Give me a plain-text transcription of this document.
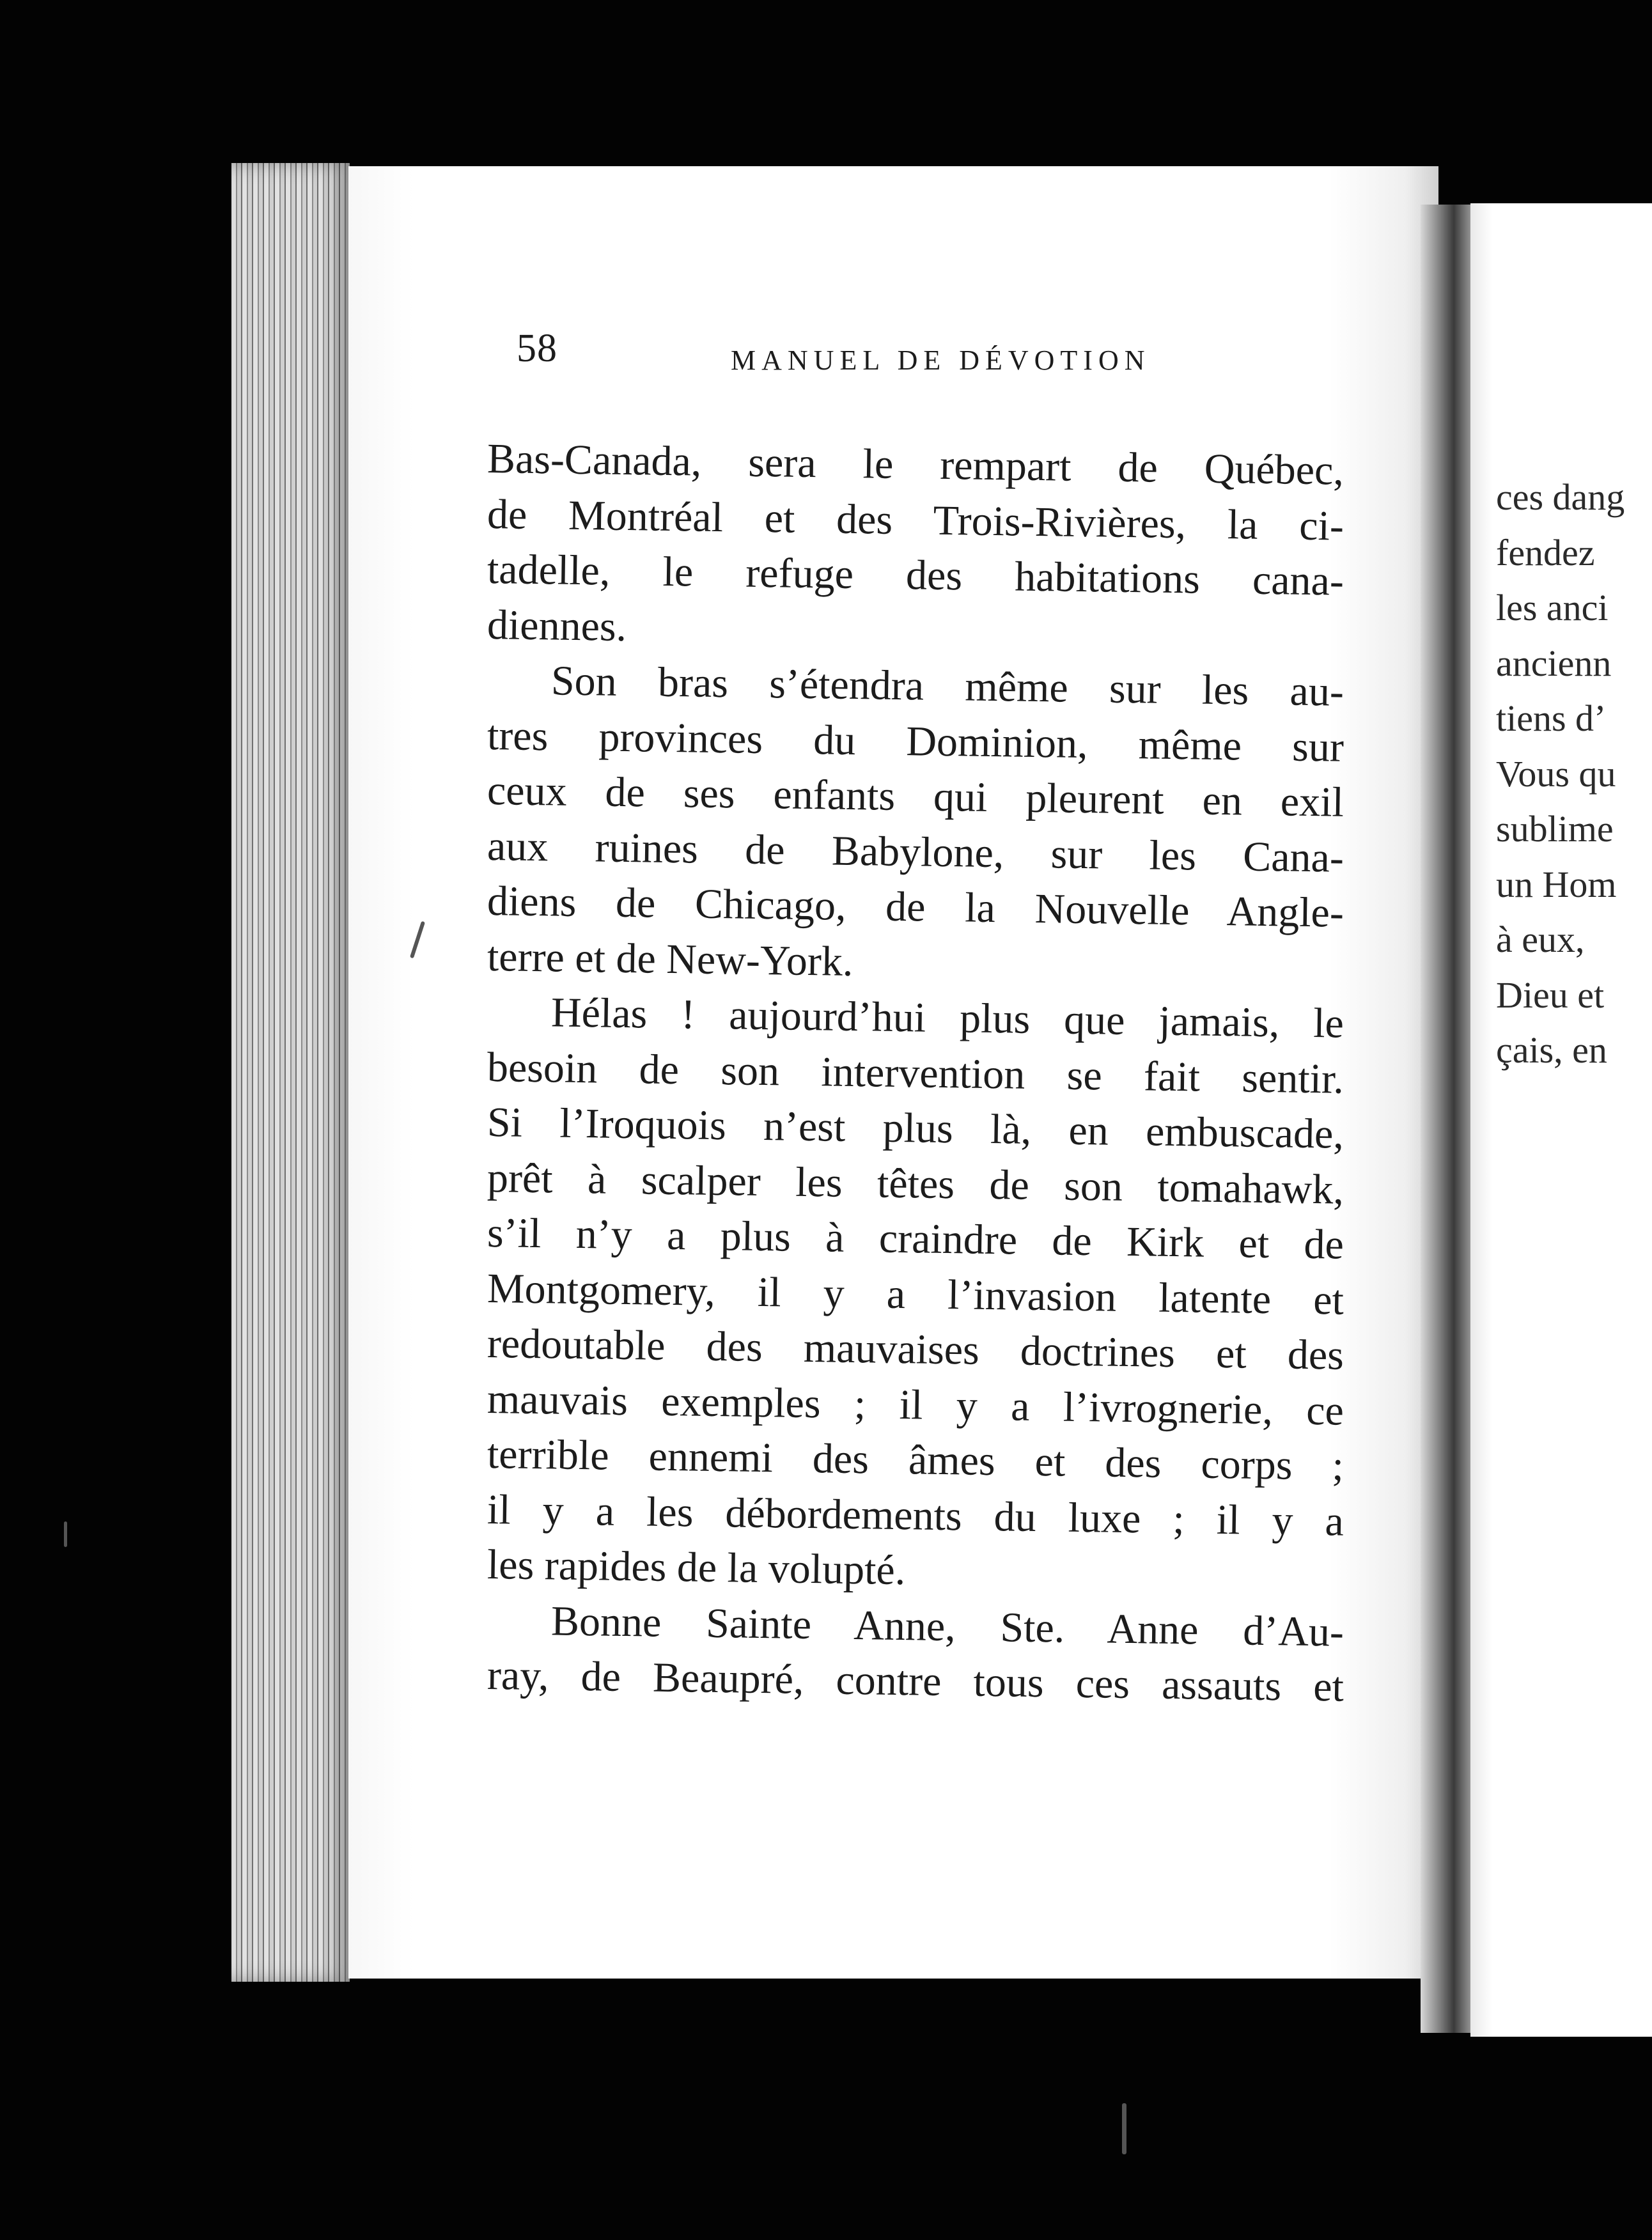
58	MANUEL DE DÉVOTION
Bas-Canada, sera le rempart de Québec,
de Montréal et des Trois-Rivières, la ci-
tadelle, le refuge des habitations cana-
diennes.
Son bras s’étendra même sur les au-
tres provinces du Dominion, même sur
ceux de ses enfants qui pleurent en exil
aux ruines de Babylone, sur les Cana-
diens de Chicago, de la Nouvelle Angle-
terre et de New-York.
Hélas ! aujourd’hui plus que jamais, le
besoin de son intervention se fait sentir.
Si l’Iroquois n’est plus là, en embuscade,
prêt à scalper les têtes de son tomahawk,
s’il n’y a plus à craindre de Kirk et de
Montgomery, il y a l’invasion latente et
redoutable des mauvaises doctrines et des
mauvais exemples ; il y a l’ivrognerie, ce
terrible ennemi des âmes et des corps ;
il y a les débordements du luxe ; il y a
les rapides de la volupté.
Bonne Sainte Anne, Ste. Anne d’Au-
ray, de Beaupré, contre tous ces assauts et
ces dang
fendez
les anci
ancienn
tiens d’
Vous qu
sublime
un Hom
à eux,
Dieu et
çais, en
